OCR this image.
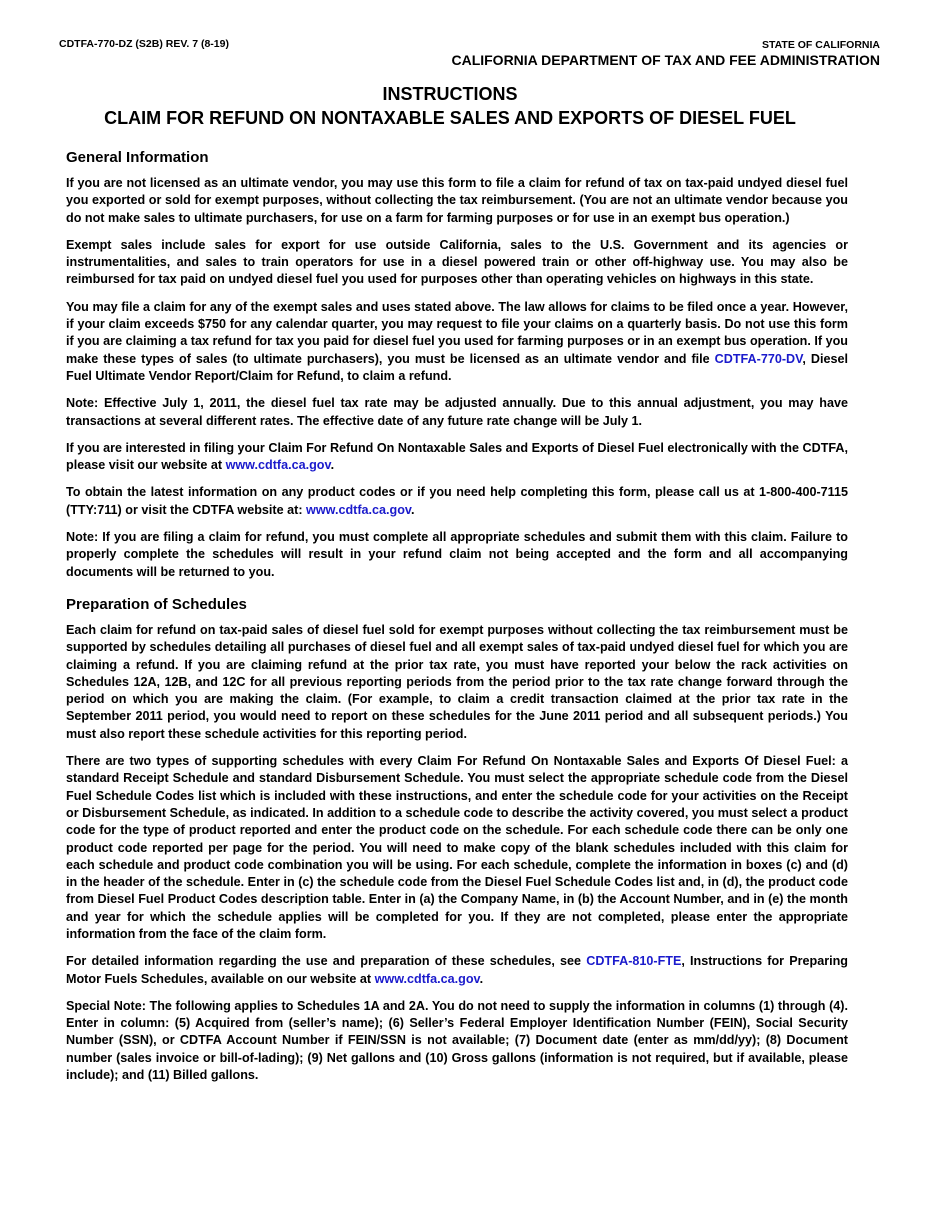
CDTFA-770-DZ (S2B) REV. 7 (8-19)	STATE OF CALIFORNIA
CALIFORNIA DEPARTMENT OF TAX AND FEE ADMINISTRATION
INSTRUCTIONS
CLAIM FOR REFUND ON NONTAXABLE SALES AND EXPORTS OF DIESEL FUEL
General Information

If you are not licensed as an ultimate vendor, you may use this form to file a claim for refund of tax on tax-paid undyed diesel fuel you exported or sold for exempt purposes, without collecting the tax reimbursement. (You are not an ultimate vendor because you do not make sales to ultimate purchasers, for use on a farm for farming purposes or for use in an exempt bus operation.)

Exempt sales include sales for export for use outside California, sales to the U.S. Government and its agencies or instrumentalities, and sales to train operators for use in a diesel powered train or other off-highway use. You may also be reimbursed for tax paid on undyed diesel fuel you used for purposes other than operating vehicles on highways in this state.

You may file a claim for any of the exempt sales and uses stated above. The law allows for claims to be filed once a year. However, if your claim exceeds $750 for any calendar quarter, you may request to file your claims on a quarterly basis. Do not use this form if you are claiming a tax refund for tax you paid for diesel fuel you used for farming purposes or in an exempt bus operation. If you make these types of sales (to ultimate purchasers), you must be licensed as an ultimate vendor and file CDTFA-770-DV, Diesel Fuel Ultimate Vendor Report/Claim for Refund, to claim a refund.

Note: Effective July 1, 2011, the diesel fuel tax rate may be adjusted annually. Due to this annual adjustment, you may have transactions at several different rates. The effective date of any future rate change will be July 1.

If you are interested in filing your Claim For Refund On Nontaxable Sales and Exports of Diesel Fuel electronically with the CDTFA, please visit our website at www.cdtfa.ca.gov.

To obtain the latest information on any product codes or if you need help completing this form, please call us at 1-800-400-7115 (TTY:711) or visit the CDTFA website at: www.cdtfa.ca.gov.

Note: If you are filing a claim for refund, you must complete all appropriate schedules and submit them with this claim. Failure to properly complete the schedules will result in your refund claim not being accepted and the form and all accompanying documents will be returned to you.

Preparation of Schedules

Each claim for refund on tax-paid sales of diesel fuel sold for exempt purposes without collecting the tax reimbursement must be supported by schedules detailing all purchases of diesel fuel and all exempt sales of tax-paid undyed diesel fuel for which you are claiming a refund. If you are claiming refund at the prior tax rate, you must have reported your below the rack activities on Schedules 12A, 12B, and 12C for all previous reporting periods from the period prior to the tax rate change forward through the period on which you are making the claim. (For example, to claim a credit transaction claimed at the prior tax rate in the September 2011 period, you would need to report on these schedules for the June 2011 period and all subsequent periods.) You must also report these schedule activities for this reporting period.

There are two types of supporting schedules with every Claim For Refund On Nontaxable Sales and Exports Of Diesel Fuel: a standard Receipt Schedule and standard Disbursement Schedule. You must select the appropriate schedule code from the Diesel Fuel Schedule Codes list which is included with these instructions, and enter the schedule code for your activities on the Receipt or Disbursement Schedule, as indicated. In addition to a schedule code to describe the activity covered, you must select a product code for the type of product reported and enter the product code on the schedule. For each schedule code there can be only one product code reported per page for the period. You will need to make copy of the blank schedules included with this claim for each schedule and product code combination you will be using. For each schedule, complete the information in boxes (c) and (d) in the header of the schedule. Enter in (c) the schedule code from the Diesel Fuel Schedule Codes list and, in (d), the product code from Diesel Fuel Product Codes description table. Enter in (a) the Company Name, in (b) the Account Number, and in (e) the month and year for which the schedule applies will be completed for you. If they are not completed, please enter the appropriate information from the face of the claim form.

For detailed information regarding the use and preparation of these schedules, see CDTFA-810-FTE, Instructions for Preparing Motor Fuels Schedules, available on our website at www.cdtfa.ca.gov.

Special Note: The following applies to Schedules 1A and 2A. You do not need to supply the information in columns (1) through (4). Enter in column: (5) Acquired from (seller’s name); (6) Seller’s Federal Employer Identification Number (FEIN), Social Security Number (SSN), or CDTFA Account Number if FEIN/SSN is not available; (7) Document date (enter as mm/dd/yy); (8) Document number (sales invoice or bill-of-lading); (9) Net gallons and (10) Gross gallons (information is not required, but if available, please include); and (11) Billed gallons.
